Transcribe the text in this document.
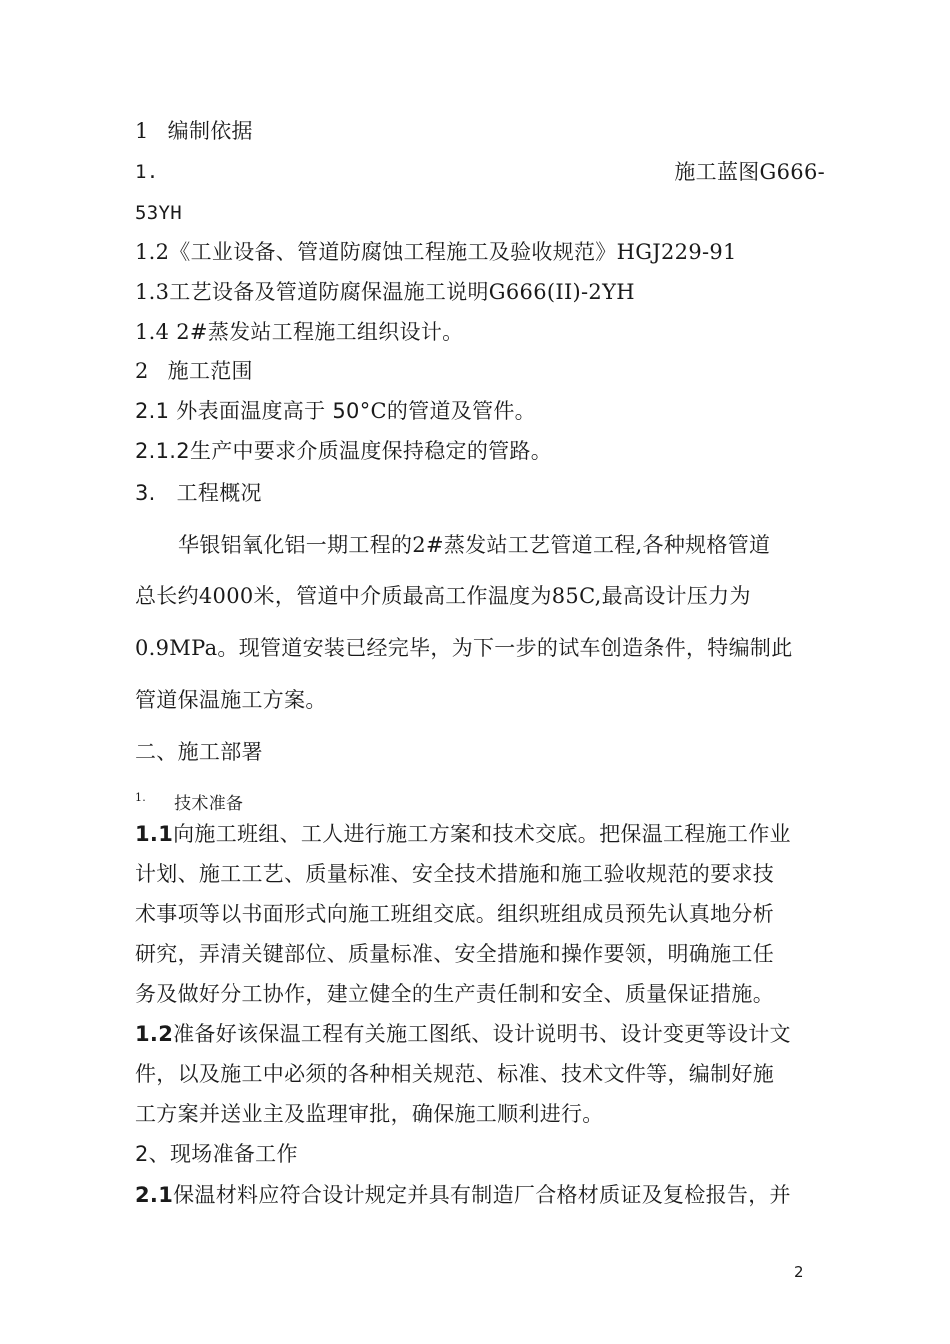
1 编制依据
1.	施工蓝图G666-
53YH
1.2《工业设备、管道防腐蚀工程施工及验收规范》HGJ229-91
1.3工艺设备及管道防腐保温施工说明G666(II)-2YH
1.4 2#蒸发站工程施工组织设计。
2 施工范围
2.1 外表面温度高于 50°C的管道及管件。
2.1.2生产中要求介质温度保持稳定的管路。
3. 工程概况
华银铝氧化铝一期工程的2#蒸发站工艺管道工程,各种规格管道
总长约4000米，管道中介质最高工作温度为85C,最高设计压力为
0.9MPa。现管道安装已经完毕，为下一步的试车创造条件，特编制此
管道保温施工方案。
二、施工部署
$^{1.}$ 技术准备
1.1向施工班组、工人进行施工方案和技术交底。把保温工程施工作业
计划、施工工艺、质量标准、安全技术措施和施工验收规范的要求技
术事项等以书面形式向施工班组交底。组织班组成员预先认真地分析
研究，弄清关键部位、质量标准、安全措施和操作要领，明确施工任
务及做好分工协作，建立健全的生产责任制和安全、质量保证措施。
1.2准备好该保温工程有关施工图纸、设计说明书、设计变更等设计文
件，以及施工中必须的各种相关规范、标准、技术文件等，编制好施
工方案并送业主及监理审批，确保施工顺利进行。
2、现场准备工作
2.1保温材料应符合设计规定并具有制造厂合格材质证及复检报告，并
2
